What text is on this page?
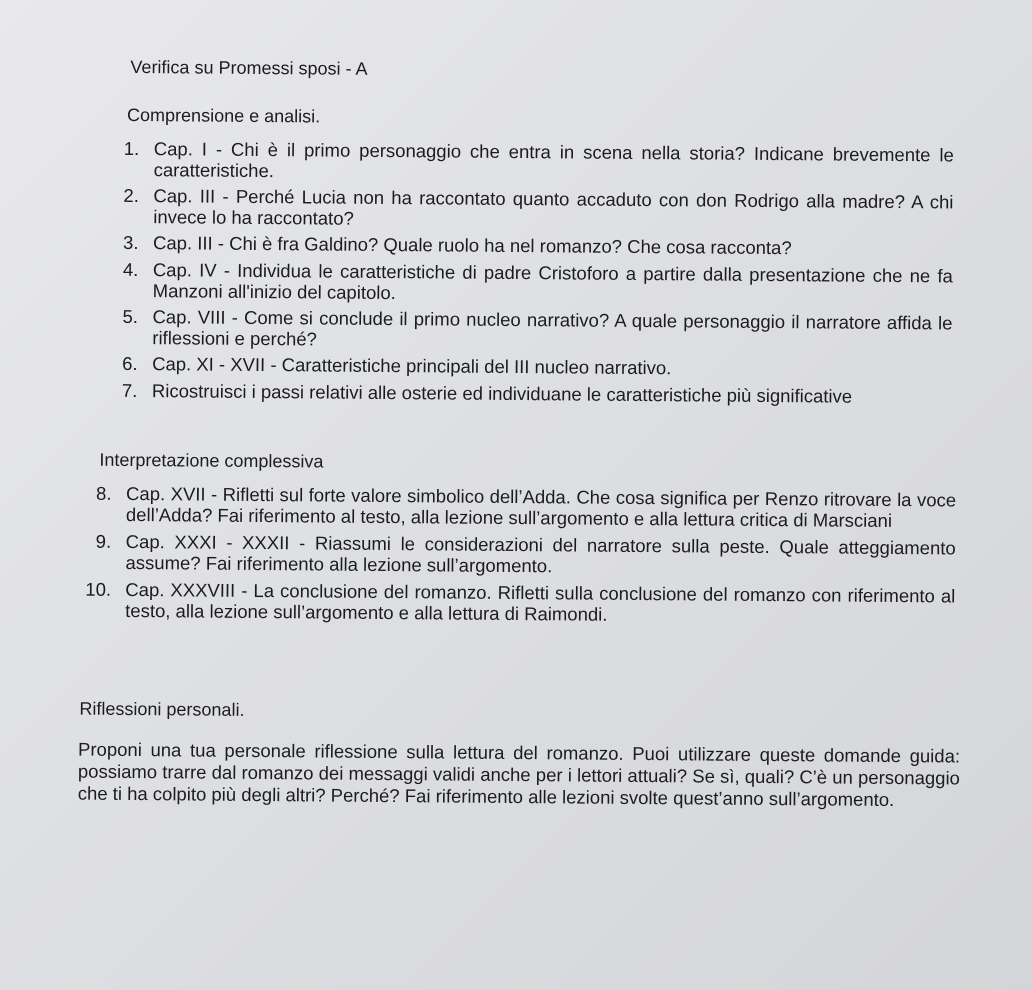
Verifica su Promessi sposi - A
Comprensione e analisi.
1. Cap. I - Chi è il primo personaggio che entra in scena nella storia? Indicane brevemente le caratteristiche.
2. Cap. III - Perché Lucia non ha raccontato quanto accaduto con don Rodrigo alla madre? A chi invece lo ha raccontato?
3. Cap. III - Chi è fra Galdino? Quale ruolo ha nel romanzo? Che cosa racconta?
4. Cap. IV - Individua le caratteristiche di padre Cristoforo a partire dalla presentazione che ne fa Manzoni all'inizio del capitolo.
5. Cap. VIII - Come si conclude il primo nucleo narrativo? A quale personaggio il narratore affida le riflessioni e perché?
6. Cap. XI - XVII - Caratteristiche principali del III nucleo narrativo.
7. Ricostruisci i passi relativi alle osterie ed individuane le caratteristiche più significative
Interpretazione complessiva
8. Cap. XVII - Rifletti sul forte valore simbolico dell’Adda. Che cosa significa per Renzo ritrovare la voce dell’Adda? Fai riferimento al testo, alla lezione sull’argomento e alla lettura critica di Marsciani
9. Cap. XXXI - XXXII - Riassumi le considerazioni del narratore sulla peste. Quale atteggiamento assume? Fai riferimento alla lezione sull’argomento.
10. Cap. XXXVIII - La conclusione del romanzo. Rifletti sulla conclusione del romanzo con riferimento al testo, alla lezione sull’argomento e alla lettura di Raimondi.
Riflessioni personali.

Proponi una tua personale riflessione sulla lettura del romanzo. Puoi utilizzare queste domande guida: possiamo trarre dal romanzo dei messaggi validi anche per i lettori attuali? Se sì, quali? C’è un personaggio che ti ha colpito più degli altri? Perché? Fai riferimento alle lezioni svolte quest’anno sull’argomento.
